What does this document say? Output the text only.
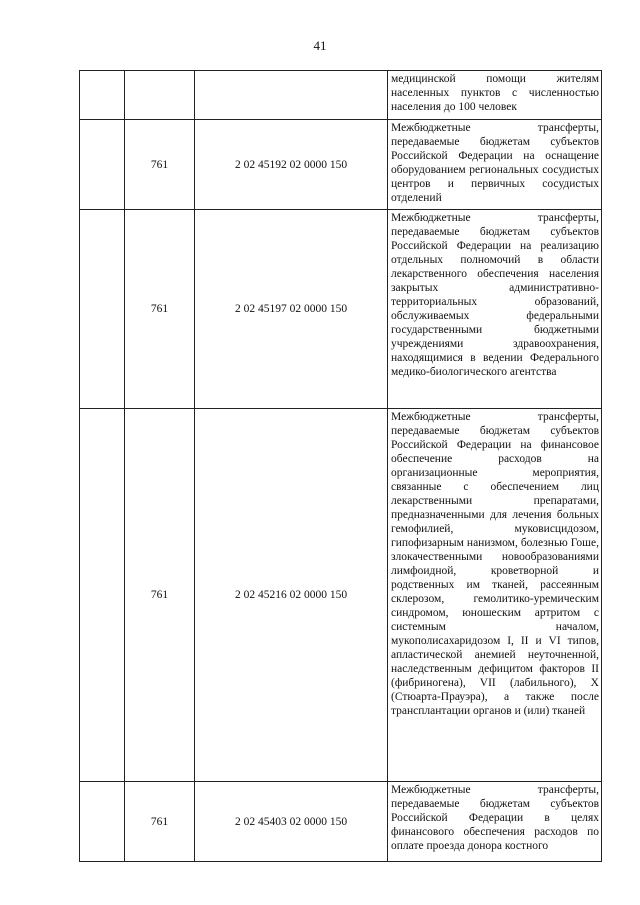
41
			медицинской помощи жителям населенных пунктов с численностью населения до 100 человек
	761	2 02 45192 02 0000 150	Межбюджетные трансферты, передаваемые бюджетам субъектов Российской Федерации на оснащение оборудованием региональных сосудистых центров и первичных сосудистых отделений
	761	2 02 45197 02 0000 150	Межбюджетные трансферты, передаваемые бюджетам субъектов Российской Федерации на реализацию отдельных полномочий в области лекарственного обеспечения населения закрытых административно-территориальных образований, обслуживаемых федеральными государственными бюджетными учреждениями здравоохранения, находящимися в ведении Федерального медико-биологического агентства
	761	2 02 45216 02 0000 150	Межбюджетные трансферты, передаваемые бюджетам субъектов Российской Федерации на финансовое обеспечение расходов на организационные мероприятия, связанные с обеспечением лиц лекарственными препаратами, предназначенными для лечения больных гемофилией, муковисцидозом, гипофизарным нанизмом, болезнью Гоше, злокачественными новообразованиями лимфоидной, кроветворной и родственных им тканей, рассеянным склерозом, гемолитико-уремическим синдромом, юношеским артритом с системным началом, мукополисахаридозом I, II и VI типов, апластической анемией неуточненной, наследственным дефицитом факторов II (фибриногена), VII (лабильного), X (Стюарта-Прауэра), а также после трансплантации органов и (или) тканей
	761	2 02 45403 02 0000 150	Межбюджетные трансферты, передаваемые бюджетам субъектов Российской Федерации в целях финансового обеспечения расходов по оплате проезда донора костного
